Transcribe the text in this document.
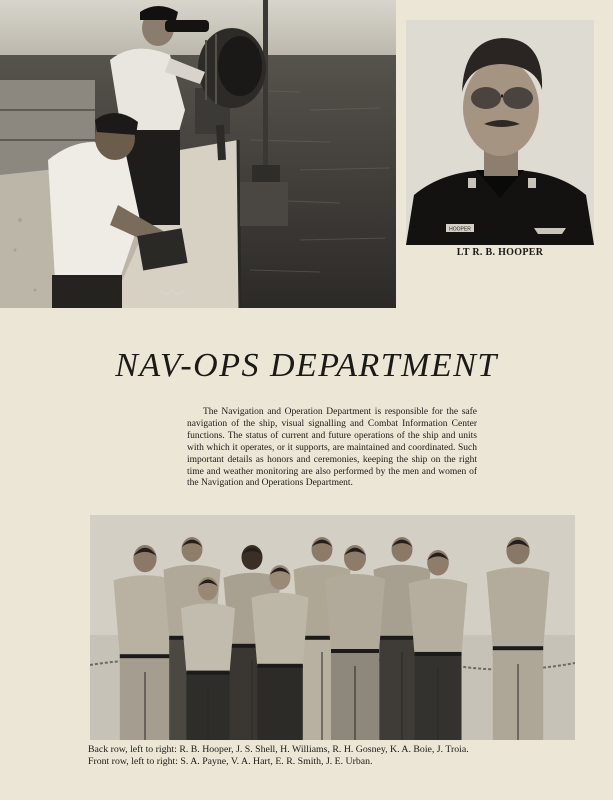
HOOPER
LT R. B. HOOPER
NAV-OPS DEPARTMENT

The Navigation and Operation Department is responsible for the safe navigation of the ship, visual signalling and Combat Information Center functions. The status of current and future operations of the ship and units with which it operates, or it supports, are maintained and coordinated. Such important details as honors and ceremonies, keeping the ship on the right time and weather monitoring are also performed by the men and women of the Navigation and Operations Department.

Back row, left to right: R. B. Hooper, J. S. Shell, H. Williams, R. H. Gosney, K. A. Boie, J. Troia.
Front row, left to right: S. A. Payne, V. A. Hart, E. R. Smith, J. E. Urban.
